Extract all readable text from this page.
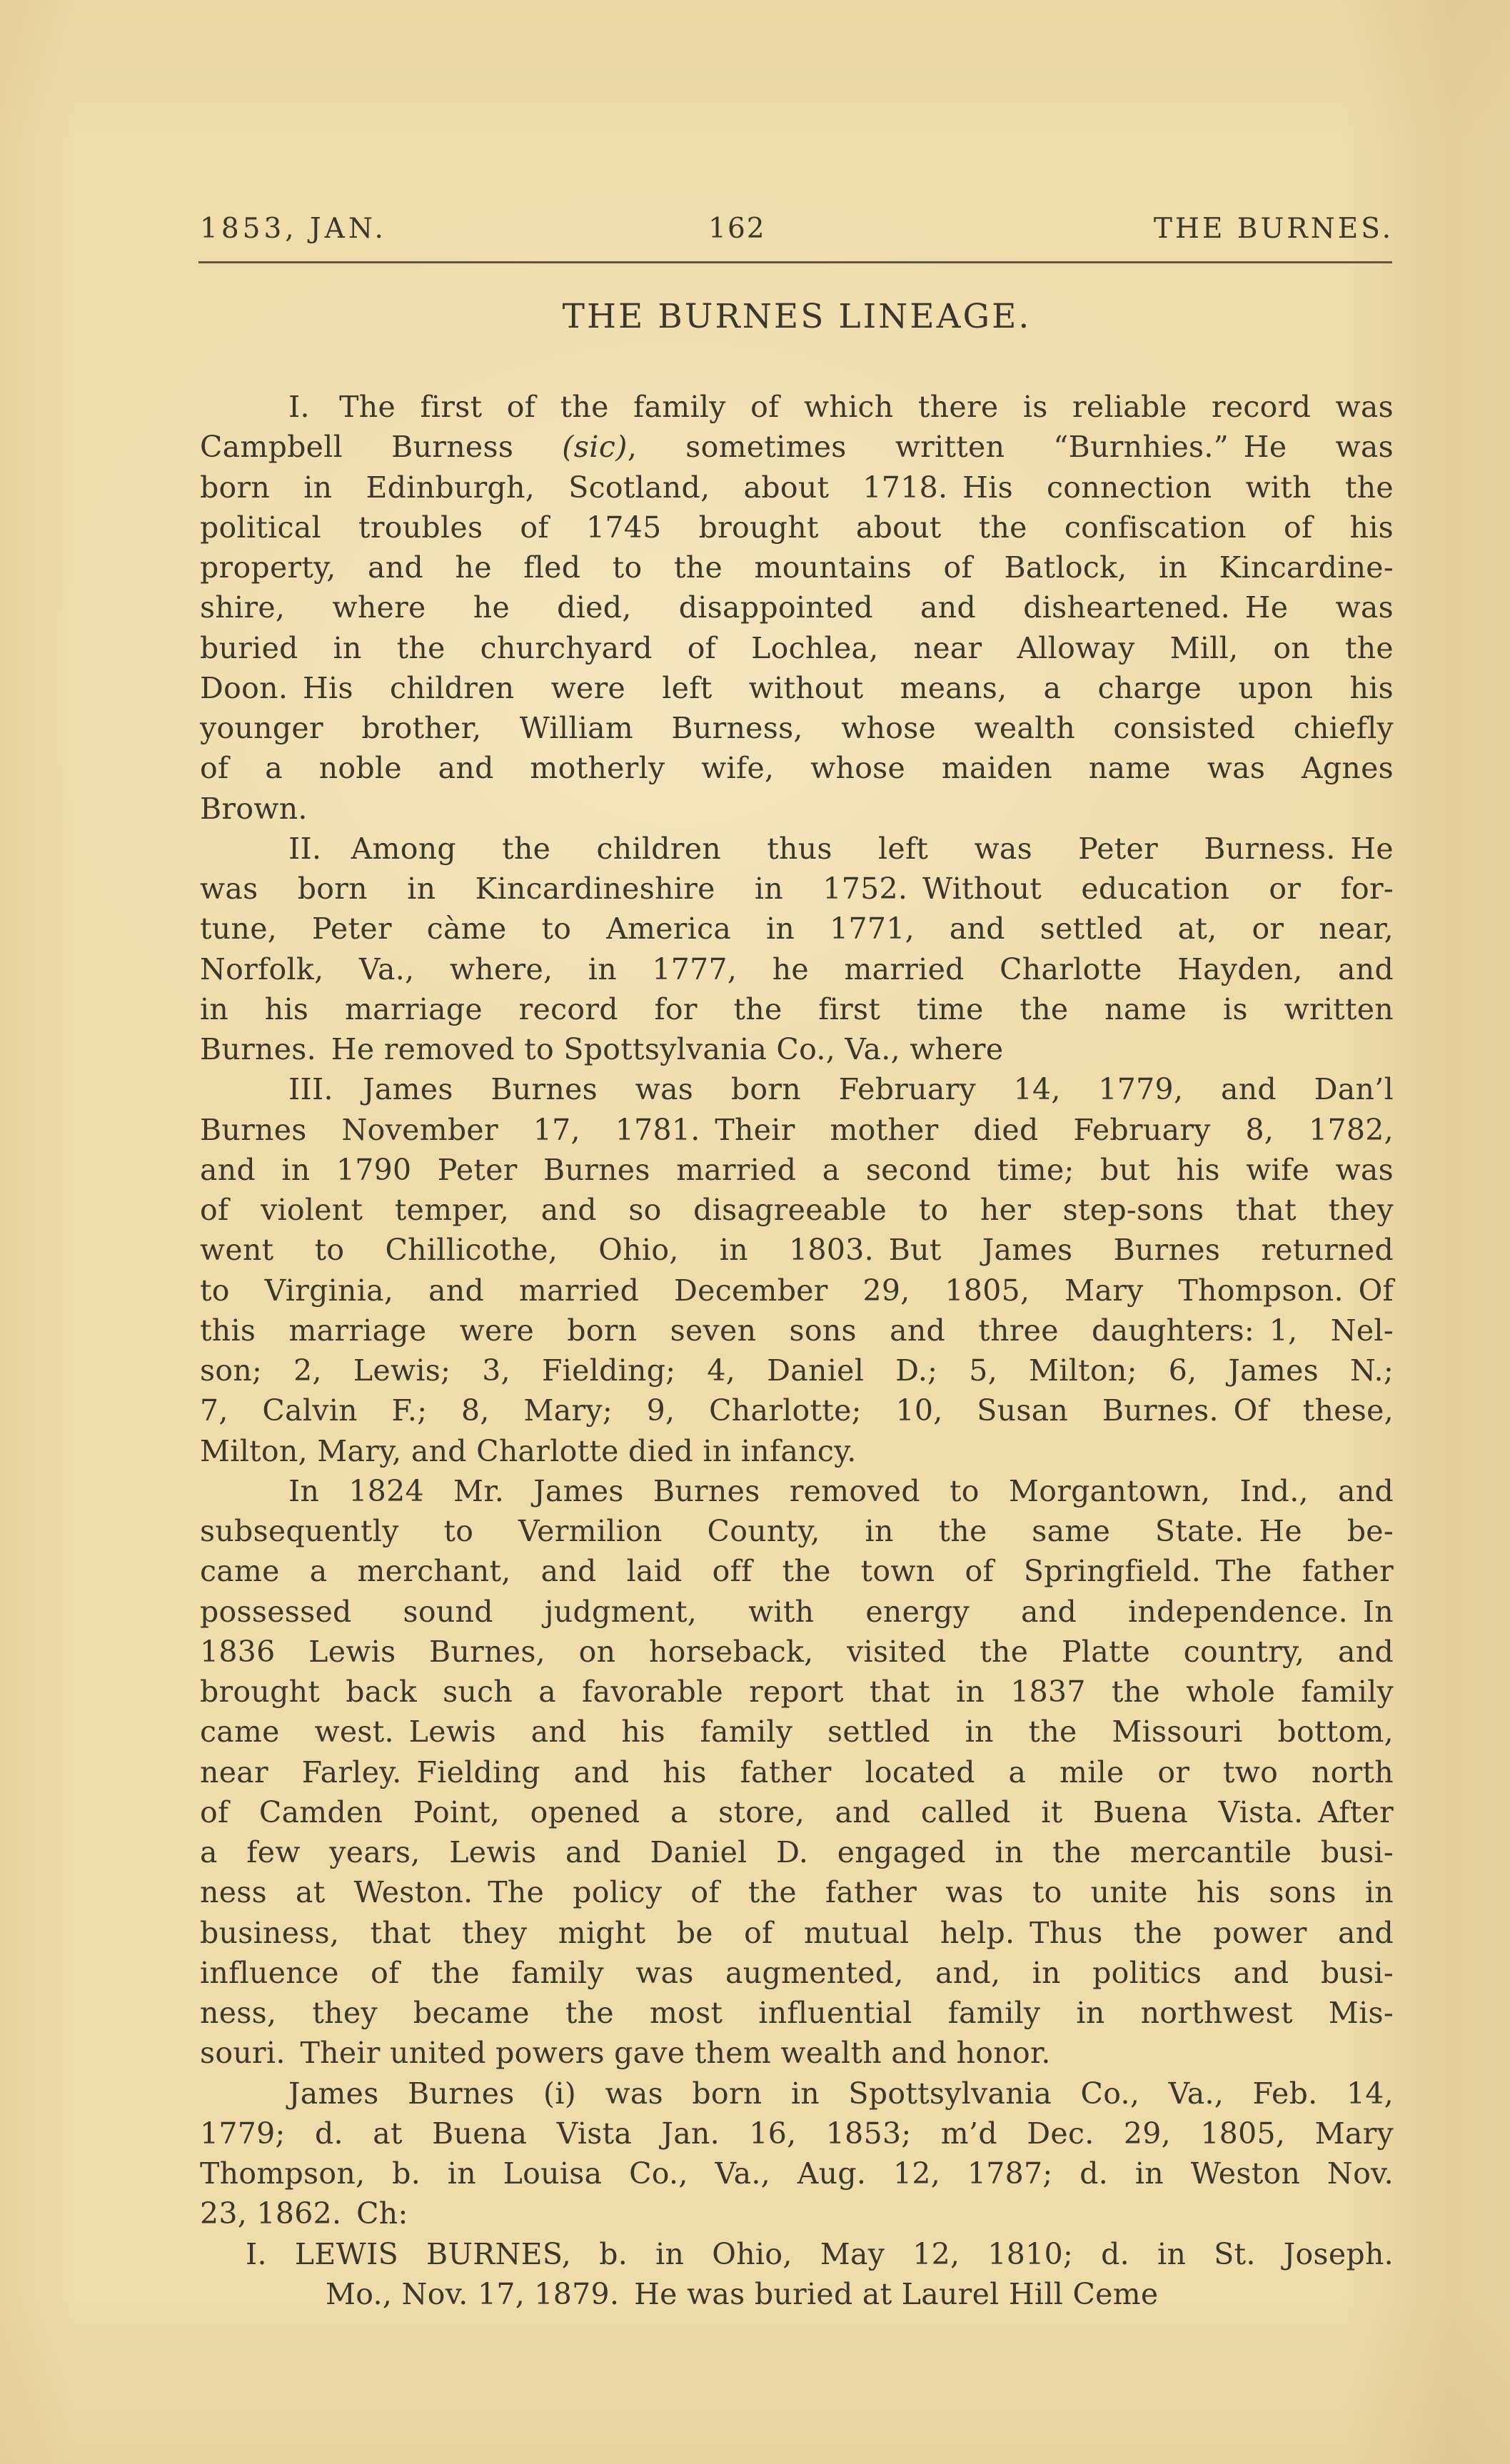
1853, JAN.	162	THE BURNES.
THE BURNES LINEAGE.
I. The first of the family of which there is reliable record was
Campbell Burness (sic), sometimes written “Burnhies.” He was
born in Edinburgh, Scotland, about 1718. His connection with the
political troubles of 1745 brought about the confiscation of his
property, and he fled to the mountains of Batlock, in Kincardine-
shire, where he died, disappointed and disheartened. He was
buried in the churchyard of Lochlea, near Alloway Mill, on the
Doon. His children were left without means, a charge upon his
younger brother, William Burness, whose wealth consisted chiefly
of a noble and motherly wife, whose maiden name was Agnes
Brown.
II. Among the children thus left was Peter Burness. He
was born in Kincardineshire in 1752. Without education or for-
tune, Peter càme to America in 1771, and settled at, or near,
Norfolk, Va., where, in 1777, he married Charlotte Hayden, and
in his marriage record for the first time the name is written
Burnes. He removed to Spottsylvania Co., Va., where
III. James Burnes was born February 14, 1779, and Dan’l
Burnes November 17, 1781. Their mother died February 8, 1782,
and in 1790 Peter Burnes married a second time; but his wife was
of violent temper, and so disagreeable to her step-sons that they
went to Chillicothe, Ohio, in 1803. But James Burnes returned
to Virginia, and married December 29, 1805, Mary Thompson. Of
this marriage were born seven sons and three daughters: 1, Nel-
son; 2, Lewis; 3, Fielding; 4, Daniel D.; 5, Milton; 6, James N.;
7, Calvin F.; 8, Mary; 9, Charlotte; 10, Susan Burnes. Of these,
Milton, Mary, and Charlotte died in infancy.
In 1824 Mr. James Burnes removed to Morgantown, Ind., and
subsequently to Vermilion County, in the same State. He be-
came a merchant, and laid off the town of Springfield. The father
possessed sound judgment, with energy and independence. In
1836 Lewis Burnes, on horseback, visited the Platte country, and
brought back such a favorable report that in 1837 the whole family
came west. Lewis and his family settled in the Missouri bottom,
near Farley. Fielding and his father located a mile or two north
of Camden Point, opened a store, and called it Buena Vista. After
a few years, Lewis and Daniel D. engaged in the mercantile busi-
ness at Weston. The policy of the father was to unite his sons in
business, that they might be of mutual help. Thus the power and
influence of the family was augmented, and, in politics and busi-
ness, they became the most influential family in northwest Mis-
souri. Their united powers gave them wealth and honor.
James Burnes (i) was born in Spottsylvania Co., Va., Feb. 14,
1779; d. at Buena Vista Jan. 16, 1853; m’d Dec. 29, 1805, Mary
Thompson, b. in Louisa Co., Va., Aug. 12, 1787; d. in Weston Nov.
23, 1862. Ch:
I. LEWIS BURNES, b. in Ohio, May 12, 1810; d. in St. Joseph.
Mo., Nov. 17, 1879. He was buried at Laurel Hill Ceme
